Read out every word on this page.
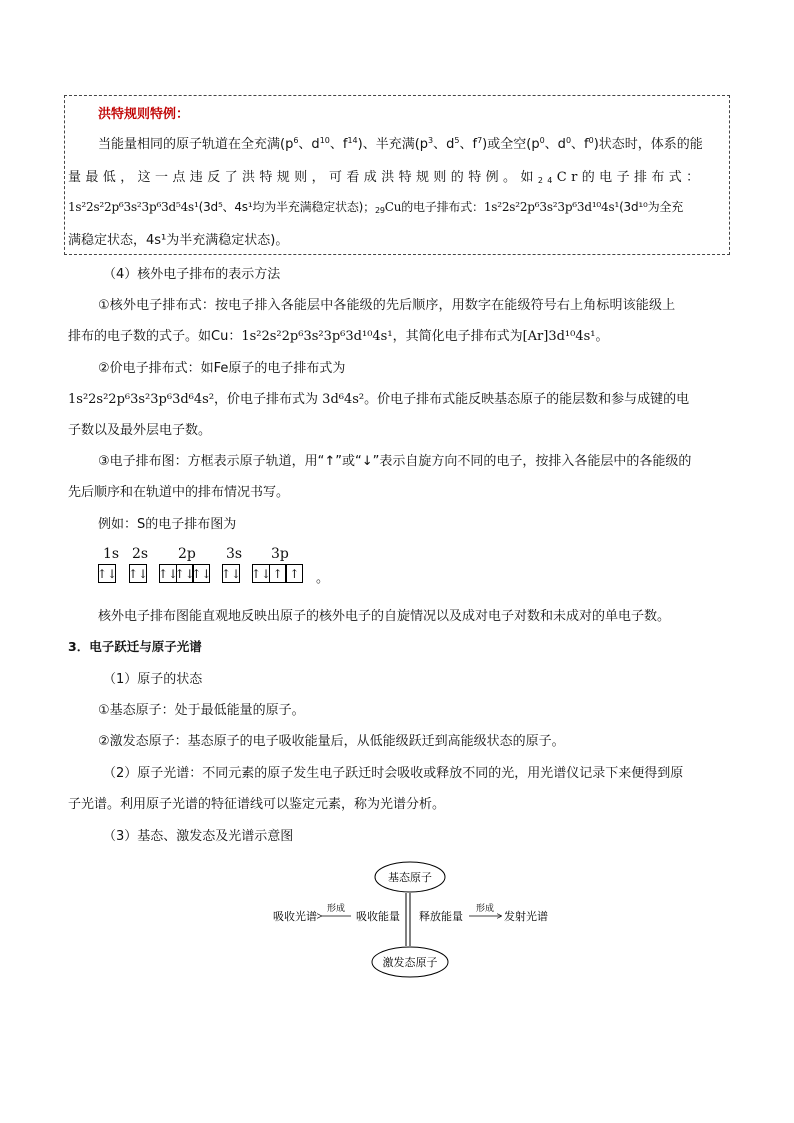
洪特规则特例：
当能量相同的原子轨道在全充满($p^6$、$d^{10}$、$f^{14}$)、半充满($p^3$、$d^5$、$f^7$)或全空($p^0$、$d^0$、$f^0$)状态时，体系的能
量最低，这一点违反了洪特规则，可看成洪特规则的特例。如$_{24}$Cr的电子排布式：
1s²2s²2p⁶3s²3p⁶3d⁵4s¹(3d⁵、4s¹均为半充满稳定状态)；$_{29}$Cu的电子排布式：1s²2s²2p⁶3s²3p⁶3d¹⁰4s¹(3d¹⁰为全充
满稳定状态，4s¹为半充满稳定状态)。
（4）核外电子排布的表示方法
①核外电子排布式：按电子排入各能层中各能级的先后顺序，用数字在能级符号右上角标明该能级上
排布的电子数的式子。如Cu：1s²2s²2p⁶3s²3p⁶3d¹⁰4s¹，其简化电子排布式为[Ar]3d¹⁰4s¹。
②价电子排布式：如Fe原子的电子排布式为
1s²2s²2p⁶3s²3p⁶3d⁶4s²，价电子排布式为 3d⁶4s²。价电子排布式能反映基态原子的能层数和参与成键的电
子数以及最外层电子数。
③电子排布图：方框表示原子轨道，用“↑”或“↓”表示自旋方向不同的电子，按排入各能层中的各能级的
先后顺序和在轨道中的排布情况书写。
例如：S的电子排布图为
1s 2s 2p 3s 3p
↑↓ ↑↓ ↑↓
↑↓
↑↓ ↑↓ ↑↓ ↑ ↑	。
核外电子排布图能直观地反映出原子的核外电子的自旋情况以及成对电子对数和未成对的单电子数。
3．电子跃迁与原子光谱
（1）原子的状态
①基态原子：处于最低能量的原子。
②激发态原子：基态原子的电子吸收能量后，从低能级跃迁到高能级状态的原子。
（2）原子光谱：不同元素的原子发生电子跃迁时会吸收或释放不同的光，用光谱仪记录下来便得到原
子光谱。利用原子光谱的特征谱线可以鉴定元素，称为光谱分析。
（3）基态、激发态及光谱示意图
基态原子
激发态原子
吸收能量 释放能量
形成
吸收光谱
形成
发射光谱
